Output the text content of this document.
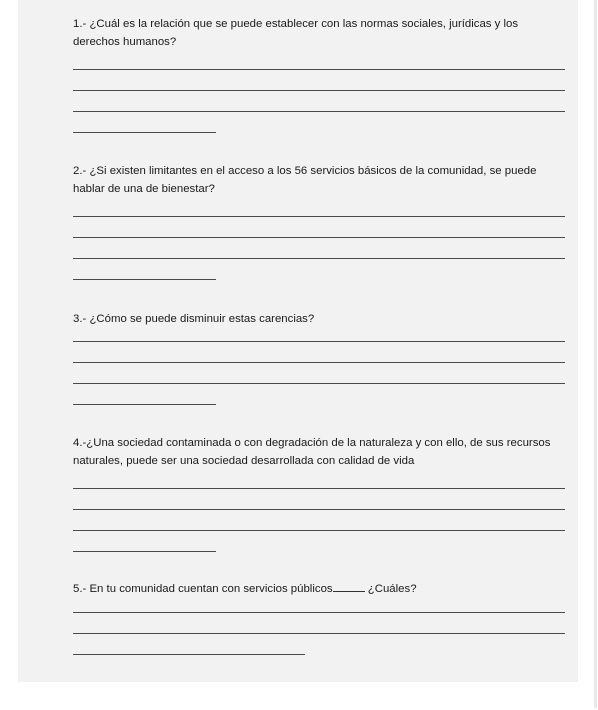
1.- ¿Cuál es la relación que se puede establecer con las normas sociales, jurídicas y los derechos humanos?

2.- ¿Si existen limitantes en el acceso a los 56 servicios básicos de la comunidad, se puede hablar de una de bienestar?

3.- ¿Cómo se puede disminuir estas carencias?

4.-¿Una sociedad contaminada o con degradación de la naturaleza y con ello, de sus recursos naturales, puede ser una sociedad desarrollada con calidad de vida

5.- En tu comunidad cuentan con servicios públicos	¿Cuáles?
